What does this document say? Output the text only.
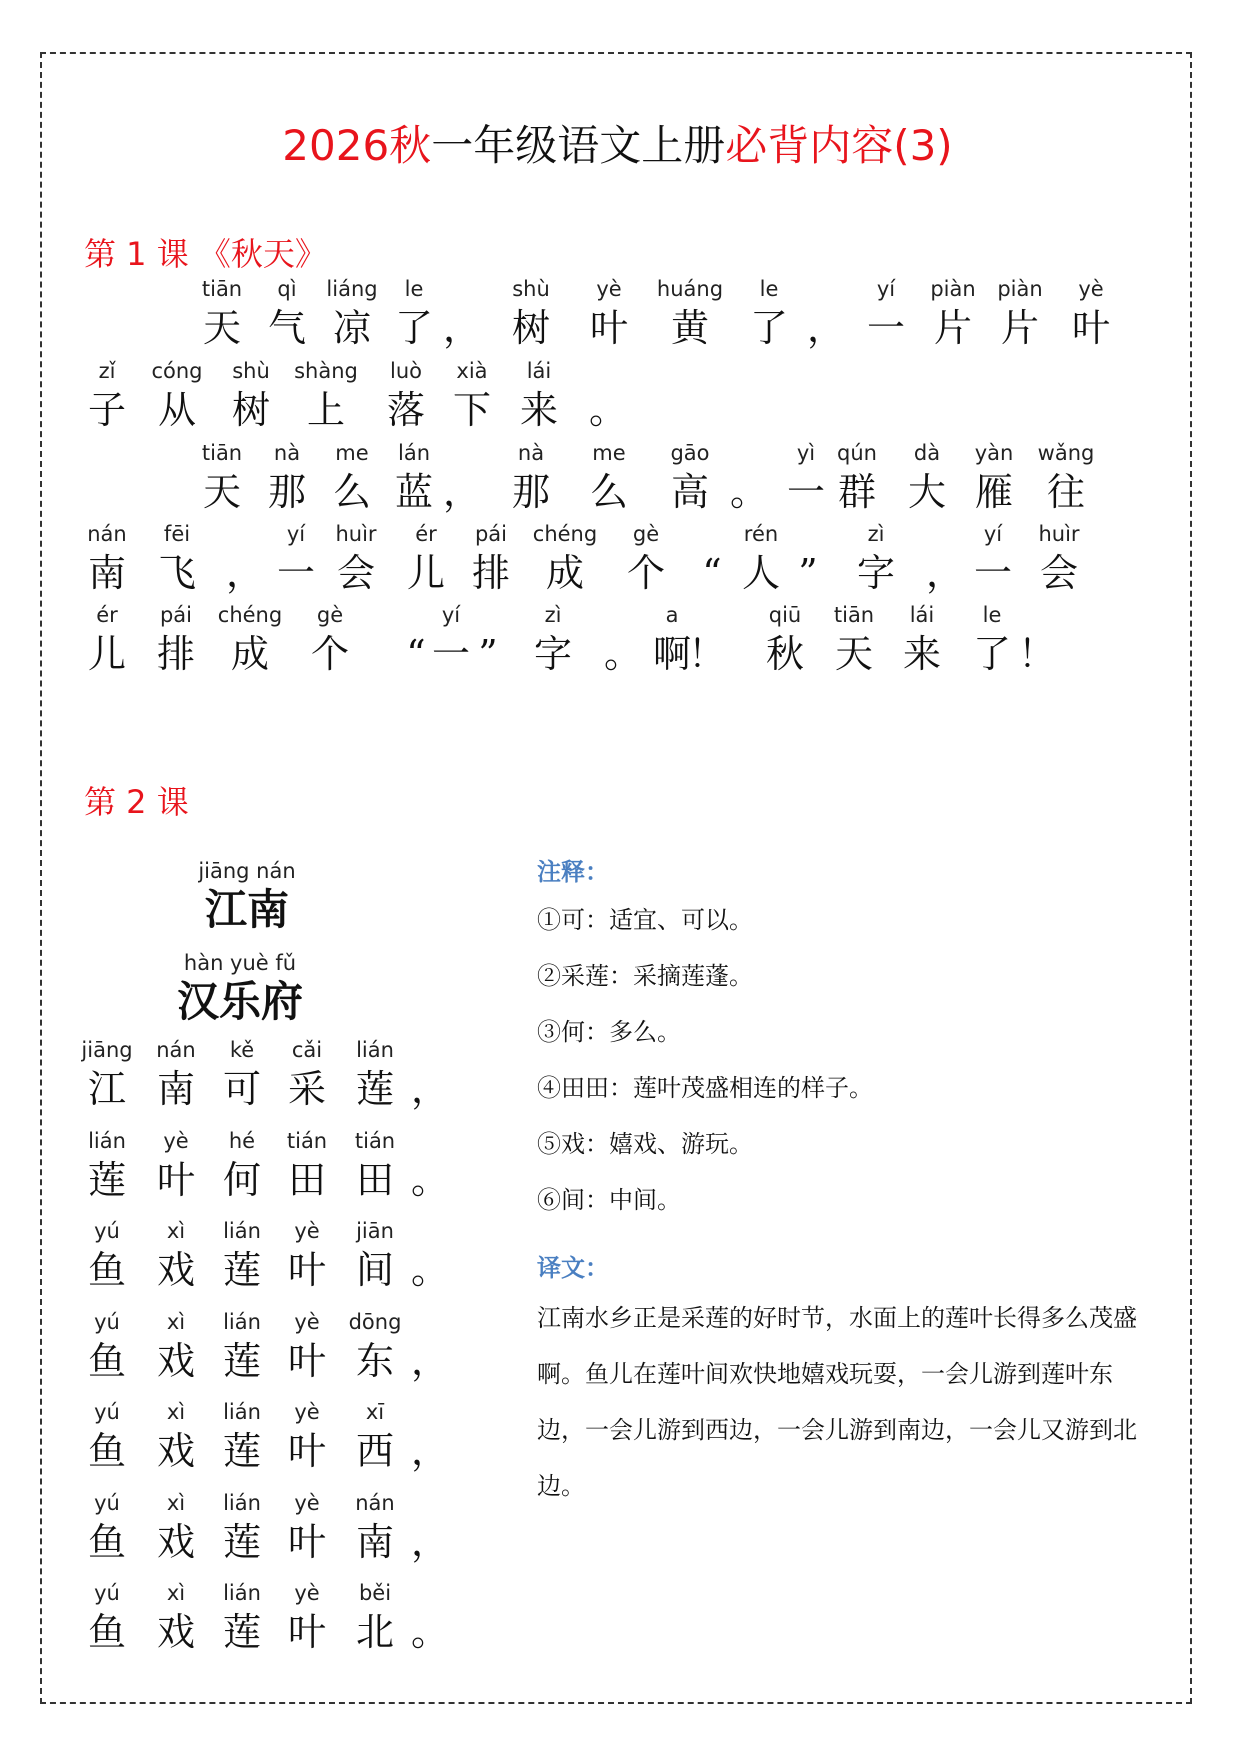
2026秋一年级语文上册必背内容(3)
第 1 课 《秋天》
tiān
天
qì
气
liáng
凉
le
了 ，
shù
树
yè
叶
huáng
黄
le
了 ，
yí
一
piàn
片
piàn
片
yè
叶
zǐ
子
cóng
从
shù
树
shàng
上
luò
落
xià
下
lái
来 。
tiān
天
nà
那
me
么
lán
蓝 ，
nà
那
me
么
gāo
高 。
yì
一
qún
群
dà
大
yàn
雁
wǎng
往
nán
南
fēi
飞 ，
yí
一
huìr
会
ér
儿
pái
排
chéng
成
gè
个 “
rén
人 ”
zì
字 ，
yí
一
huìr
会
ér
儿
pái
排
chéng
成
gè
个	“
yí
一 ”
zì
字 。
a
啊
！
qiū
秋
tiān
天
lái
来
le
了 ！
第 2 课
jiāng nán
江南
hàn yuè fǔ
汉乐府
jiāng
江
nán
南
kě
可
cǎi
采
lián
莲 ，
lián
莲
yè
叶
hé
何
tián
田
tián
田 。
yú
鱼
xì
戏
lián
莲
yè
叶
jiān
间 。
yú
鱼
xì
戏
lián
莲
yè
叶
dōng
东 ，
yú
鱼
xì
戏
lián
莲
yè
叶
xī
西 ，
yú
鱼
xì
戏
lián
莲
yè
叶
nán
南 ，
yú
鱼
xì
戏
lián
莲
yè
叶
běi
北 。
注释：
①可：适宜、可以。
②采莲：采摘莲蓬。
③何：多么。
④田田：莲叶茂盛相连的样子。
⑤戏：嬉戏、游玩。
⑥间：中间。
译文：
江南水乡正是采莲的好时节，水面上的莲叶长得多么茂盛啊。鱼儿在莲叶间欢快地嬉戏玩耍，一会儿游到莲叶东边，一会儿游到西边，一会儿游到南边，一会儿又游到北边。
